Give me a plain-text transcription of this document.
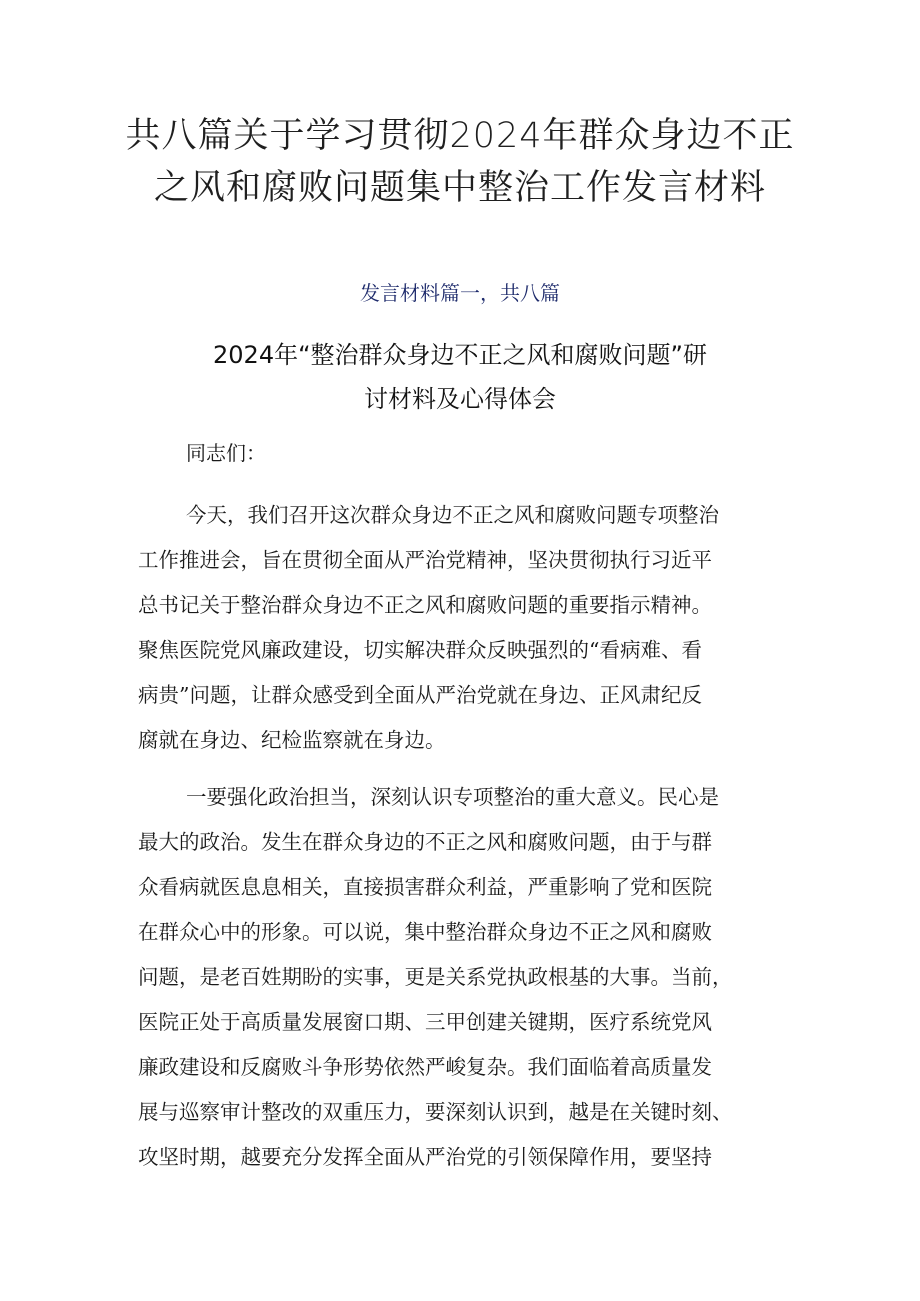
共八篇关于学习贯彻2024年群众身边不正
之风和腐败问题集中整治工作发言材料
发言材料篇一，共八篇
2024年“整治群众身边不正之风和腐败问题”研
讨材料及心得体会
同志们：
今天，我们召开这次群众身边不正之风和腐败问题专项整治
工作推进会，旨在贯彻全面从严治党精神，坚决贯彻执行习近平
总书记关于整治群众身边不正之风和腐败问题的重要指示精神。
聚焦医院党风廉政建设，切实解决群众反映强烈的“看病难、看
病贵”问题，让群众感受到全面从严治党就在身边、正风肃纪反
腐就在身边、纪检监察就在身边。
一要强化政治担当，深刻认识专项整治的重大意义。民心是
最大的政治。发生在群众身边的不正之风和腐败问题，由于与群
众看病就医息息相关，直接损害群众利益，严重影响了党和医院
在群众心中的形象。可以说，集中整治群众身边不正之风和腐败
问题，是老百姓期盼的实事，更是关系党执政根基的大事。当前，
医院正处于高质量发展窗口期、三甲创建关键期，医疗系统党风
廉政建设和反腐败斗争形势依然严峻复杂。我们面临着高质量发
展与巡察审计整改的双重压力，要深刻认识到，越是在关键时刻、
攻坚时期，越要充分发挥全面从严治党的引领保障作用，要坚持
